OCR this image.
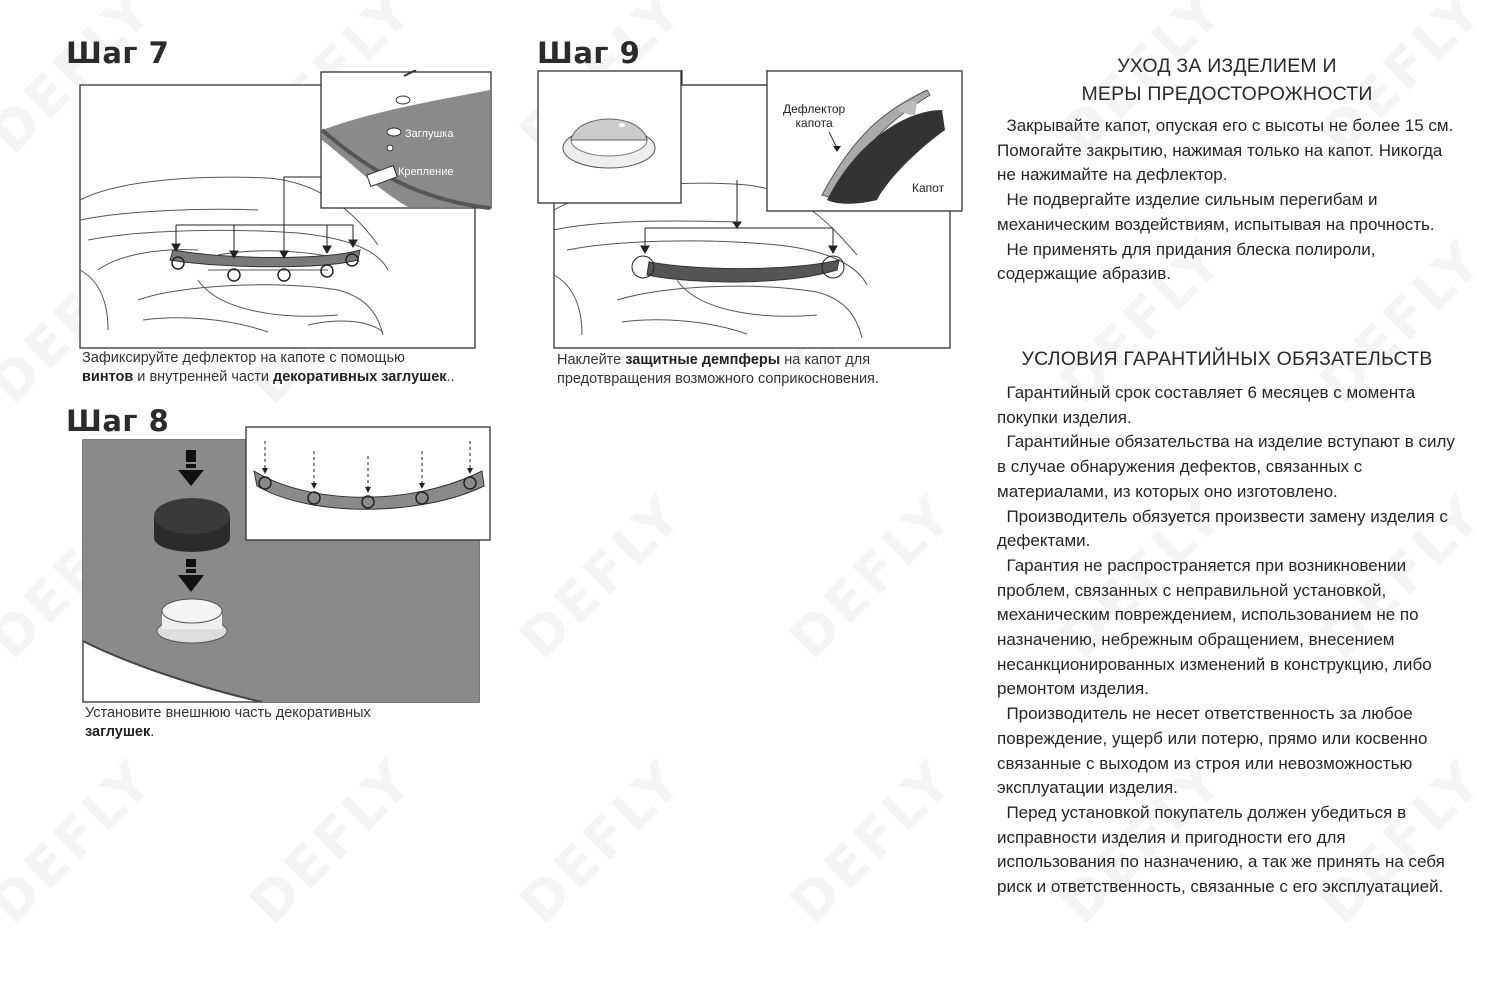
Шаг 7
Винт
Заглушка
Крепление
Зафиксируйте дефлектор на капоте с помощью
винтов и внутренней части декоративных заглушек..
Шаг 8
Установите внешнюю часть декоративных
заглушек.
Шаг 9
Дефлектор
капота
Капот
Наклейте защитные демпферы на капот для
предотвращения возможного соприкосновения.
УХОД ЗА ИЗДЕЛИЕМ И
МЕРЫ ПРЕДОСТОРОЖНОСТИ

Закрывайте капот, опуская его с высоты не более 15 см. Помогайте закрытию, нажимая только на капот. Никогда не нажимайте на дефлектор.

Не подвергайте изделие сильным перегибам и механическим воздействиям, испытывая на прочность.

Не применять для придания блеска полироли, содержащие абразив.

УСЛОВИЯ ГАРАНТИЙНЫХ ОБЯЗАТЕЛЬСТВ

Гарантийный срок составляет 6 месяцев с момента покупки изделия.

Гарантийные обязательства на изделие вступают в силу в случае обнаружения дефектов, связанных с материалами, из которых оно изготовлено.

Производитель обязуется произвести замену изделия с дефектами.

Гарантия не распространяется при возникновении проблем, связанных с неправильной установкой, механическим повреждением, использованием не по назначению, небрежным обращением, внесением несанкционированных изменений в конструкцию, либо ремонтом изделия.

Производитель не несет ответственность за любое повреждение, ущерб или потерю, прямо или косвенно связанные с выходом из строя или невозможностью эксплуатации изделия.

Перед установкой покупатель должен убедиться в исправности изделия и пригодности его для использования по назначению, а так же принять на себя риск и ответственность, связанные с его эксплуатацией.
